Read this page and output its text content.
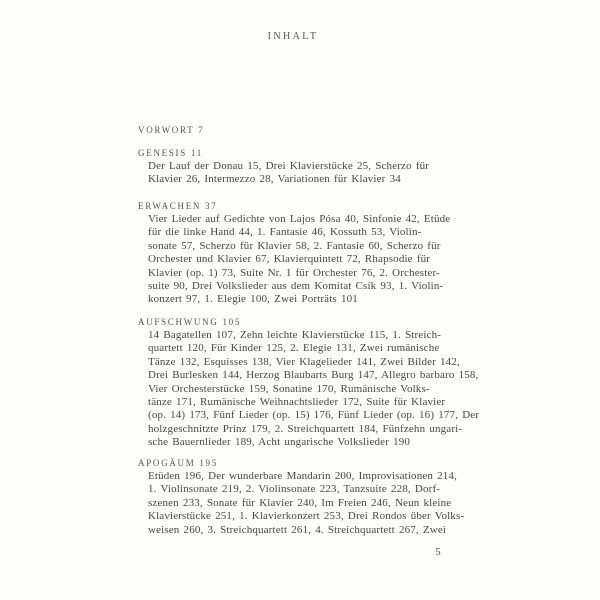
INHALT
VORWORT 7
GENESIS 11
Der Lauf der Donau 15, Drei Klavierstücke 25, Scherzo für
Klavier 26, Intermezzo 28, Variationen für Klavier 34
ERWACHEN 37
Vier Lieder auf Gedichte von Lajos Pósa 40, Sinfonie 42, Etüde
für die linke Hand 44, 1. Fantasie 46, Kossuth 53, Violin-
sonate 57, Scherzo für Klavier 58, 2. Fantasie 60, Scherzo für
Orchester und Klavier 67, Klavierquintett 72, Rhapsodie für
Klavier (op. 1) 73, Suite Nr. 1 für Orchester 76, 2. Orchester-
suite 90, Drei Volkslieder aus dem Komitat Csík 93, 1. Violin-
konzert 97, 1. Elegie 100, Zwei Porträts 101
AUFSCHWUNG 105
14 Bagatellen 107, Zehn leichte Klavierstücke 115, 1. Streich-
quartett 120, Für Kinder 125, 2. Elegie 131, Zwei rumänische
Tänze 132, Esquisses 138, Vier Klagelieder 141, Zwei Bilder 142,
Drei Burlesken 144, Herzog Blaubarts Burg 147, Allegro barbaro 158,
Vier Orchesterstücke 159, Sonatine 170, Rumänische Volks-
tänze 171, Rumänische Weihnachtslieder 172, Suite für Klavier
(op. 14) 173, Fünf Lieder (op. 15) 176, Fünf Lieder (op. 16) 177, Der
holzgeschnitzte Prinz 179, 2. Streichquartett 184, Fünfzehn ungari-
sche Bauernlieder 189, Acht ungarische Volkslieder 190
APOGÄUM 195
Etüden 196, Der wunderbare Mandarin 200, Improvisationen 214,
1. Violinsonate 219, 2. Violinsonate 223, Tanzsuite 228, Dorf-
szenen 233, Sonate für Klavier 240, Im Freien 246, Neun kleine
Klavierstücke 251, 1. Klavierkonzert 253, Drei Rondos über Volks-
weisen 260, 3. Streichquartett 261, 4. Streichquartett 267, Zwei
5
